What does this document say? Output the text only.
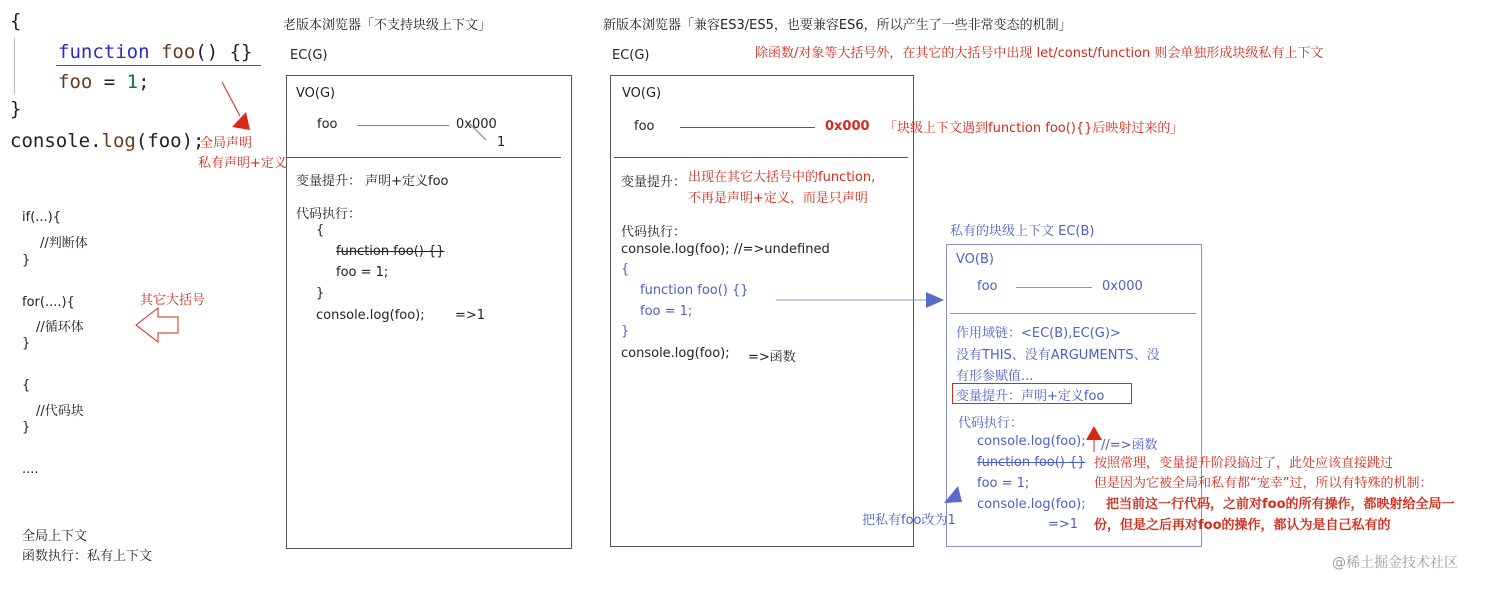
{
function foo() {}
foo = 1;
}
console.log(foo);
全局声明
私有声明+定义
if(...){
//判断体
}
for(....){
//循环体
}
{
//代码块
}
....
其它大括号
全局上下文
函数执行：私有上下文
老版本浏览器「不支持块级上下文」
EC(G)
VO(G)
foo	0x000
1
变量提升： 声明+定义foo
代码执行：
{
function foo() {}
foo = 1;
}
console.log(foo); =>1
新版本浏览器「兼容ES3/ES5，也要兼容ES6，所以产生了一些非常变态的机制」
除函数/对象等大括号外，在其它的大括号中出现 let/const/function 则会单独形成块级私有上下文
EC(G)
VO(G)
foo	0x000 「块级上下文遇到function foo(){}后映射过来的」
变量提升： 出现在其它大括号中的function,
不再是声明+定义，而是只声明
代码执行：
console.log(foo); //=>undefined
{
function foo() {}
foo = 1;
}
console.log(foo); =>函数
私有的块级上下文 EC(B)
VO(B)
foo	0x000
作用域链：<EC(B),EC(G)>
没有THIS、没有ARGUMENTS、没
有形参赋值...
变量提升：声明+定义foo
代码执行：
console.log(foo); //=>函数
function foo() {}
foo = 1;
console.log(foo);
=>1
把私有foo改为1
按照常理，变量提升阶段搞过了，此处应该直接跳过
但是因为它被全局和私有都“宠幸”过，所以有特殊的机制：
把当前这一行代码，之前对foo的所有操作，都映射给全局一
份，但是之后再对foo的操作，都认为是自己私有的
@稀土掘金技术社区
